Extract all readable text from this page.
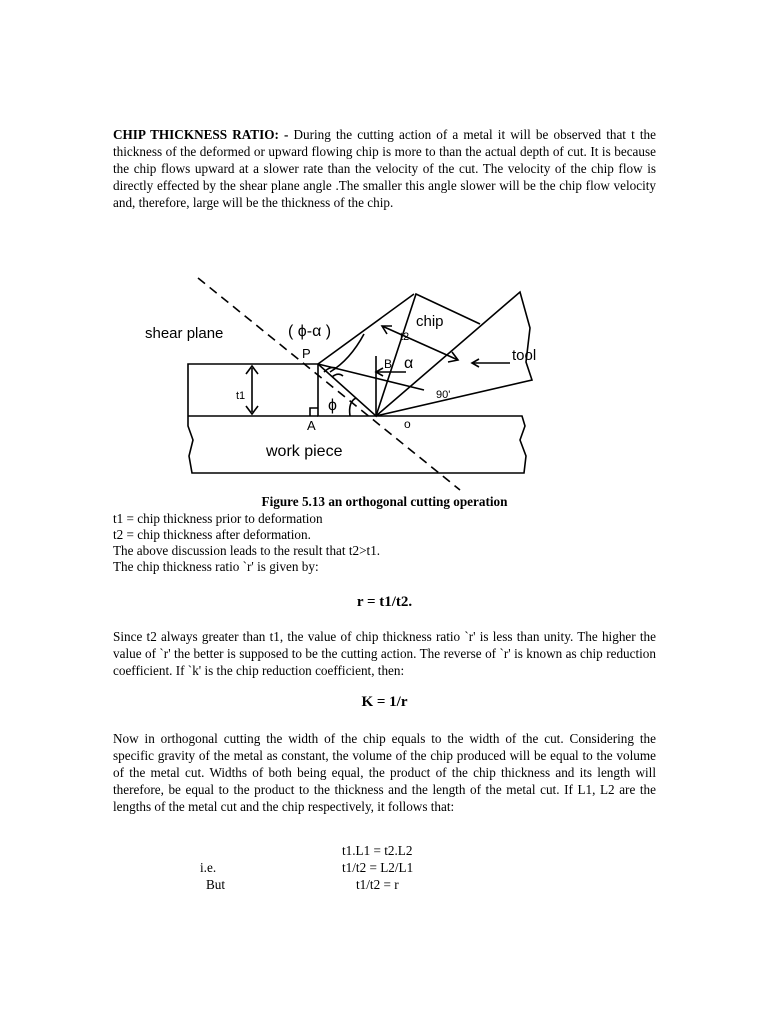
CHIP THICKNESS RATIO: - During the cutting action of a metal it will be observed that t the thickness of the deformed or upward flowing chip is more to than the actual depth of cut. It is because the chip flows upward at a slower rate than the velocity of the cut. The velocity of the chip flow is directly effected by the shear plane angle .The smaller this angle slower will be the chip flow velocity and, therefore, large will be the thickness of the chip.

shear plane	( ϕ-α )
chip
t2
tool
P
B α
90'
t1
ϕ
A	o
work piece
Figure 5.13 an orthogonal cutting operation
t1 = chip thickness prior to deformation
t2 = chip thickness after deformation.
The above discussion leads to the result that t2>t1.
The chip thickness ratio `r' is given by:
r = t1/t2.

Since t2 always greater than t1, the value of chip thickness ratio `r' is less than unity. The higher the value of `r' the better is supposed to be the cutting action. The reverse of `r' is known as chip reduction coefficient. If `k' is the chip reduction coefficient, then:

K = 1/r

Now in orthogonal cutting the width of the chip equals to the width of the cut. Considering the specific gravity of the metal as constant, the volume of the chip produced will be equal to the volume of the metal cut. Widths of both being equal, the product of the chip thickness and its length will therefore, be equal to the product to the thickness and the length of the metal cut. If L1, L2 are the lengths of the metal cut and the chip respectively, it follows that:

t1.L1 = t2.L2
i.e.	t1/t2 = L2/L1
But	t1/t2 = r
